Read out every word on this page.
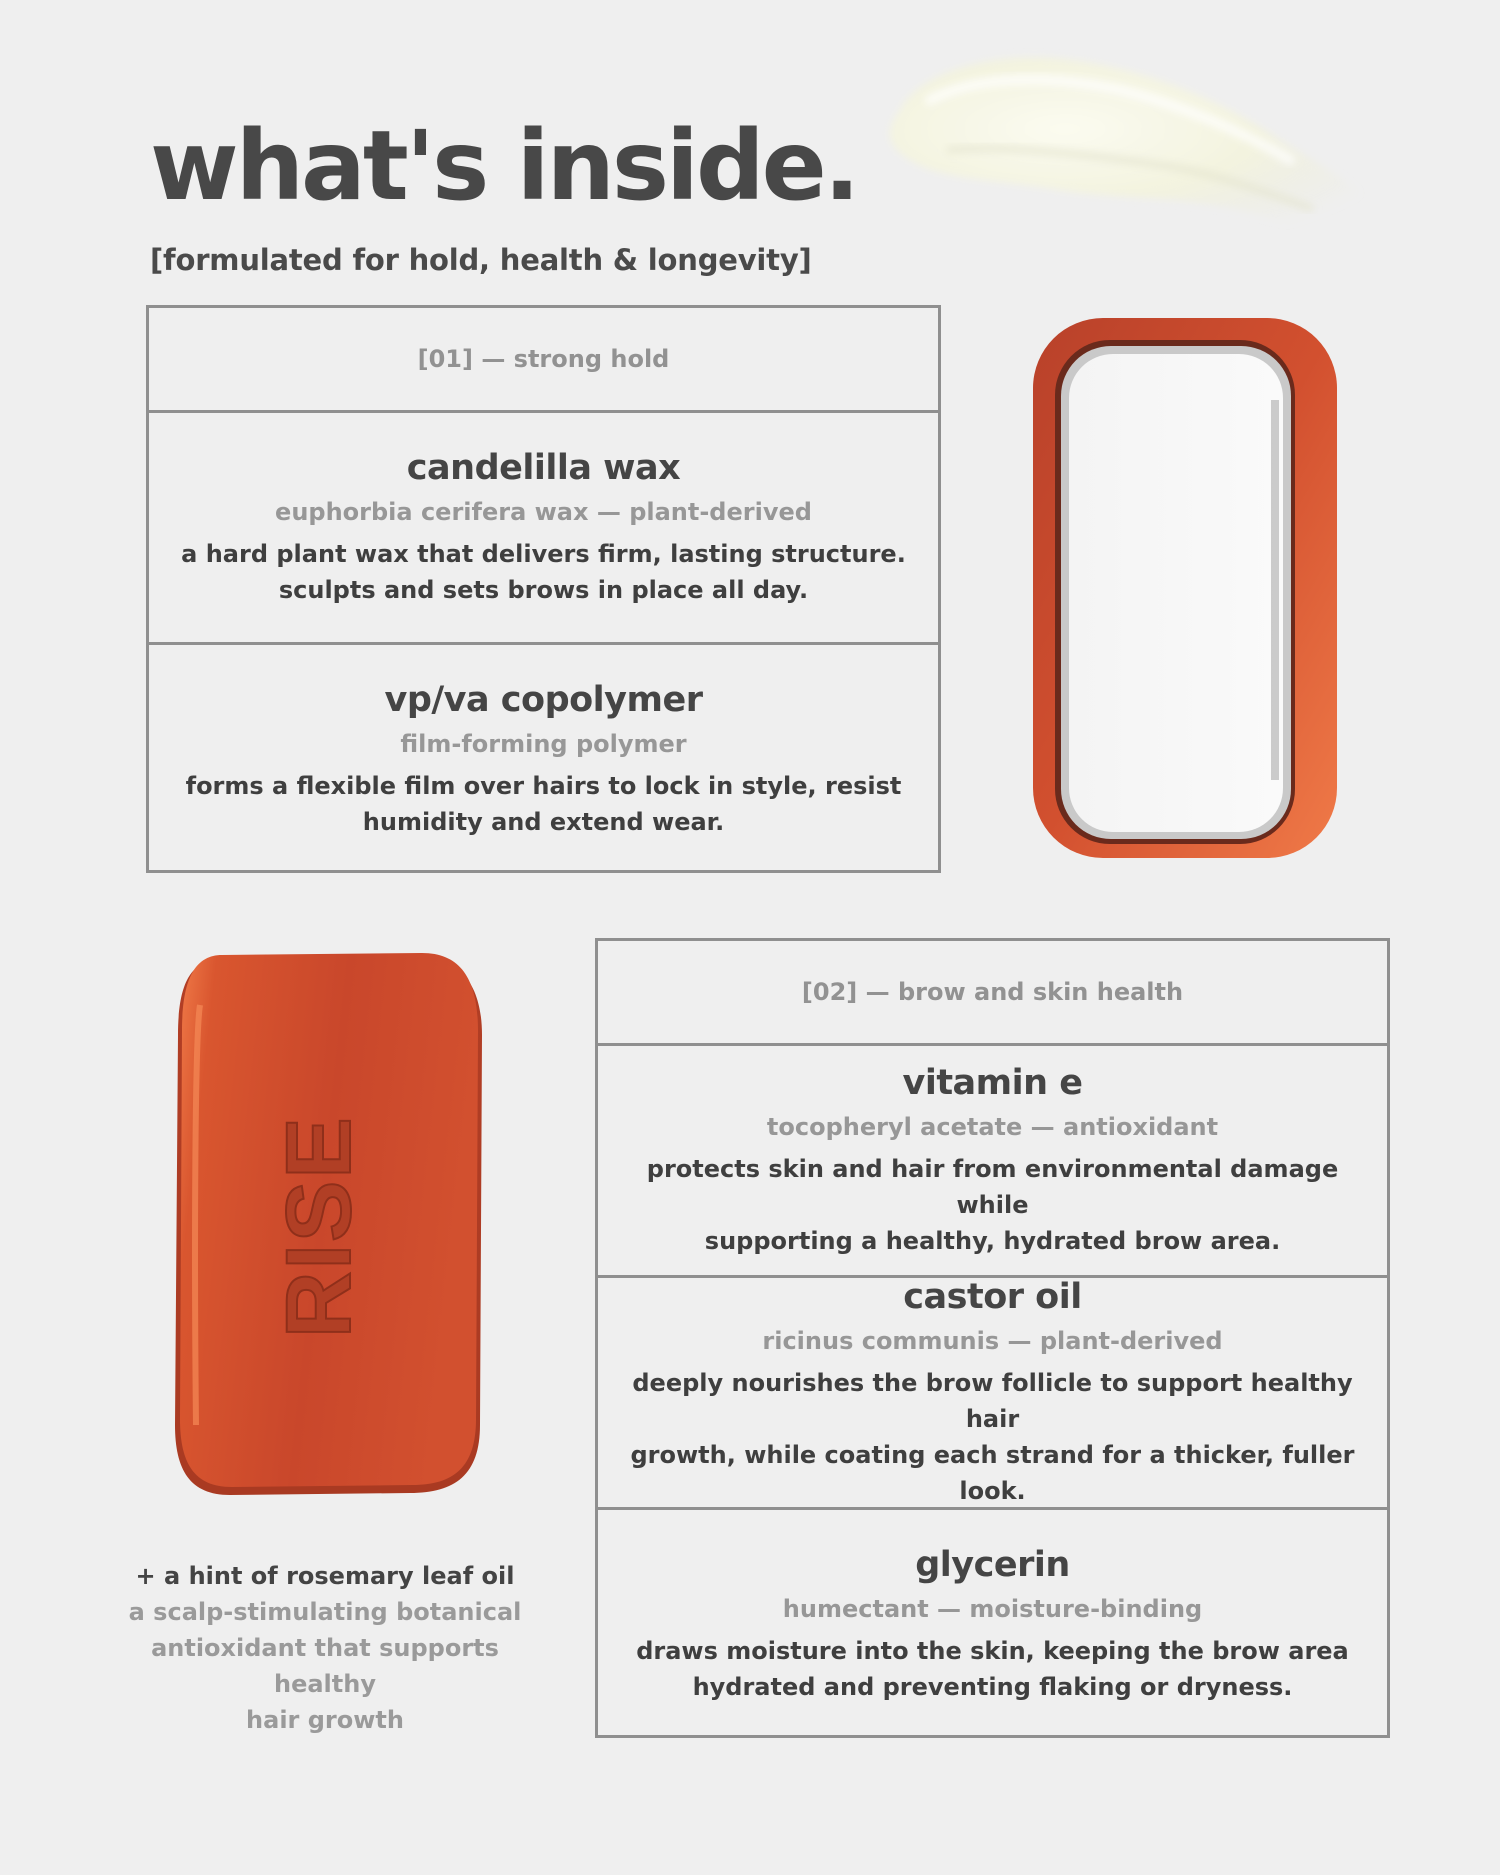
what's inside.

[formulated for hold, health & longevity]

[01] — strong hold
candelilla wax
euphorbia cerifera wax — plant-derived
a hard plant wax that delivers firm, lasting structure.
sculpts and sets brows in place all day.
vp/va copolymer
film-forming polymer
forms a flexible film over hairs to lock in style, resist
humidity and extend wear.
[02] — brow and skin health
vitamin e
tocopheryl acetate — antioxidant
protects skin and hair from environmental damage while
supporting a healthy, hydrated brow area.
castor oil
ricinus communis — plant-derived
deeply nourishes the brow follicle to support healthy hair
growth, while coating each strand for a thicker, fuller look.
glycerin
humectant — moisture-binding
draws moisture into the skin, keeping the brow area
hydrated and preventing flaking or dryness.
RISE
+ a hint of rosemary leaf oil
a scalp-stimulating botanical
antioxidant that supports healthy
hair growth
